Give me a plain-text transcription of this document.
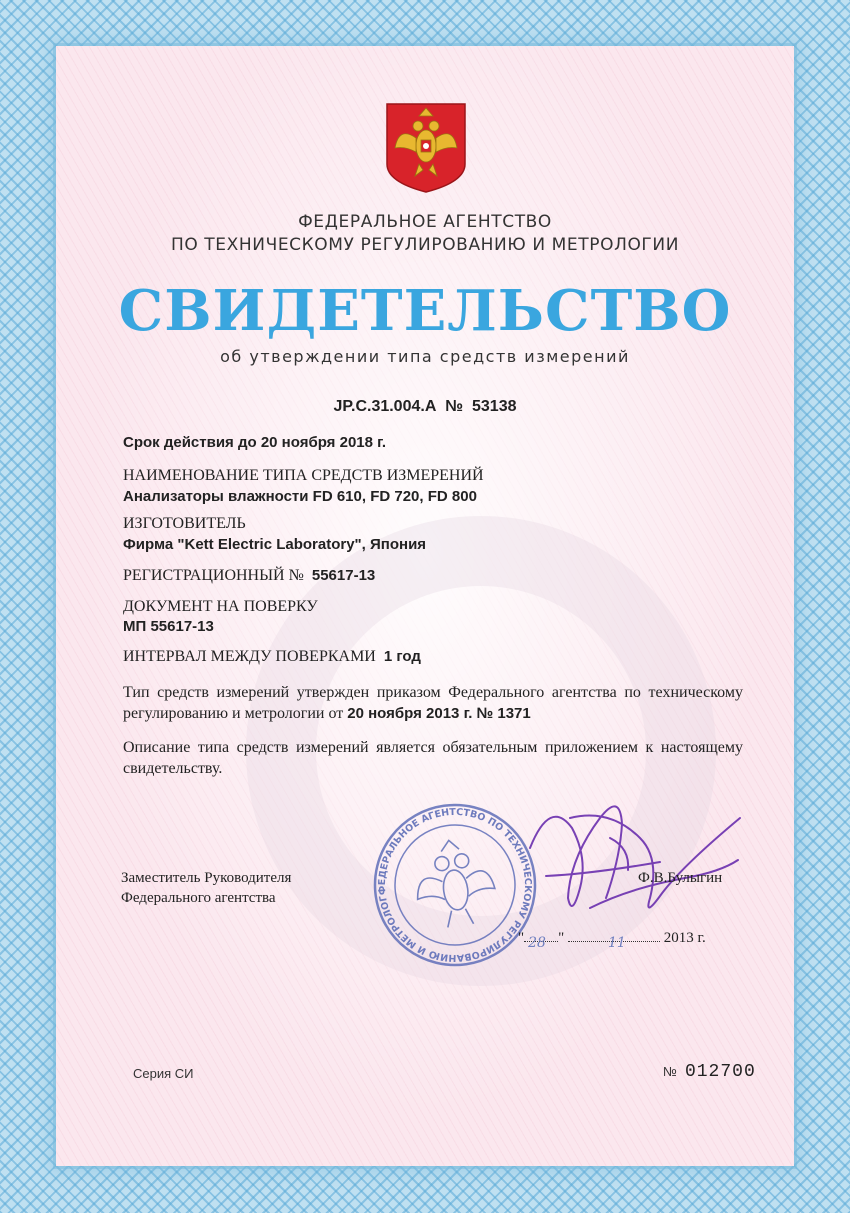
ФЕДЕРАЛЬНОЕ АГЕНТСТВО
ПО ТЕХНИЧЕСКОМУ РЕГУЛИРОВАНИЮ И МЕТРОЛОГИИ
СВИДЕТЕЛЬСТВО
об утверждении типа средств измерений
JP.C.31.004.A № 53138
Срок действия до 20 ноября 2018 г.
НАИМЕНОВАНИЕ ТИПА СРЕДСТВ ИЗМЕРЕНИЙ
Анализаторы влажности FD 610, FD 720, FD 800
ИЗГОТОВИТЕЛЬ
Фирма "Kett Electric Laboratory", Япония
РЕГИСТРАЦИОННЫЙ № 55617-13
ДОКУМЕНТ НА ПОВЕРКУ
МП 55617-13
ИНТЕРВАЛ МЕЖДУ ПОВЕРКАМИ 1 год
Тип средств измерений утвержден приказом Федерального агентства по техническому регулированию и метрологии от 20 ноября 2013 г. № 1371
Описание типа средств измерений является обязательным приложением к настоящему свидетельству.
ФЕДЕРАЛЬНОЕ АГЕНТСТВО ПО ТЕХНИЧЕСКОМУ РЕГУЛИРОВАНИЮ И МЕТРОЛОГИИ
Заместитель Руководителя
Федерального агентства
Ф.В.Булыгин
" 28 "	11	2013 г.
Серия СИ	№ 012700
